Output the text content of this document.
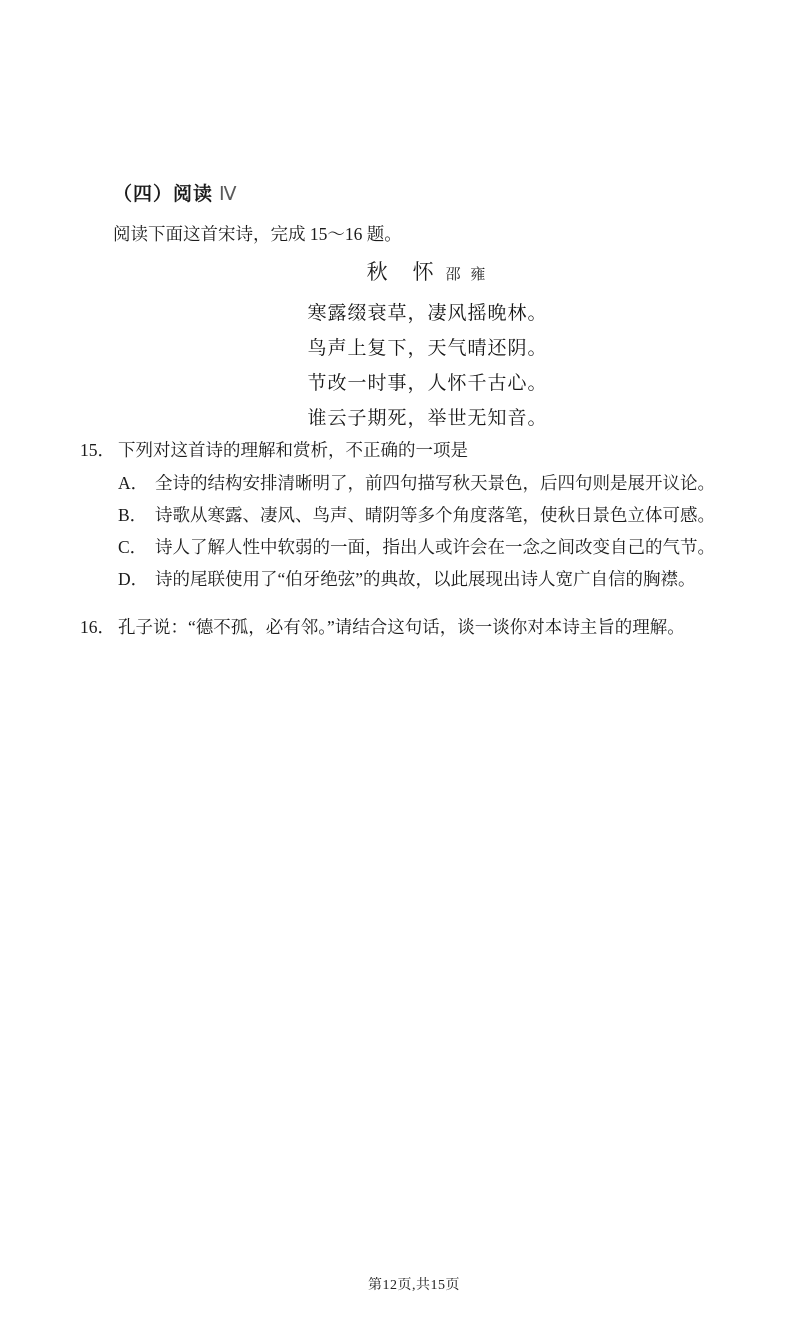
（四）阅读 Ⅳ
阅读下面这首宋诗，完成 15～16 题。
秋　怀 邵 雍
寒露缀衰草，凄风摇晚林。
鸟声上复下，天气晴还阴。
节改一时事，人怀千古心。
谁云子期死，举世无知音。
15． 下列对这首诗的理解和赏析，不正确的一项是
A． 全诗的结构安排清晰明了，前四句描写秋天景色，后四句则是展开议论。
B． 诗歌从寒露、凄风、鸟声、晴阴等多个角度落笔，使秋日景色立体可感。
C． 诗人了解人性中软弱的一面，指出人或许会在一念之间改变自己的气节。
D． 诗的尾联使用了“伯牙绝弦”的典故，以此展现出诗人宽广自信的胸襟。
16． 孔子说：“德不孤，必有邻。”请结合这句话，谈一谈你对本诗主旨的理解。
第12页,共15页
